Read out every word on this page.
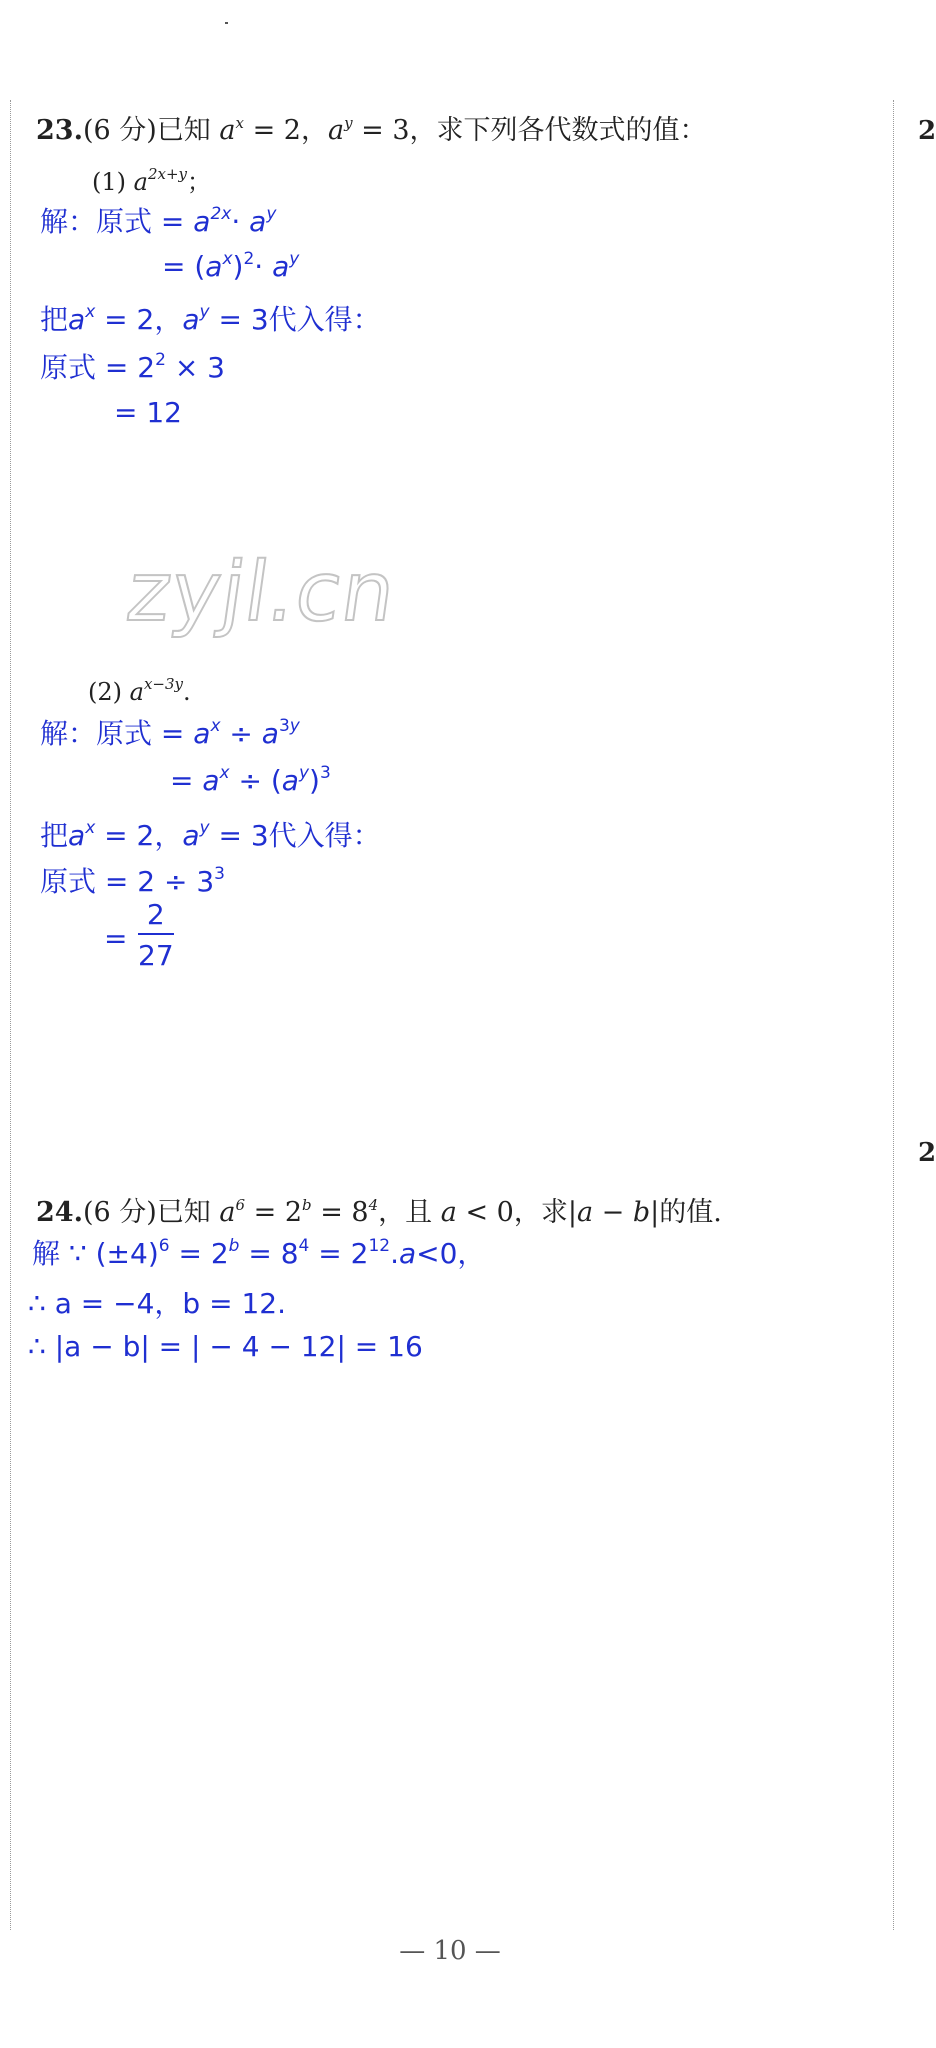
2
2
23.(6 分)已知 $a^x = 2$，$a^y = 3$，求下列各代数式的值：
(1) $a^{2x+y}$；
解：原式 = $a^{2x}\cdot a^y$
= $(a^x)^2\cdot a^y$
把$a^x = 2$，$a^y = 3$代入得：
原式 = $2^2 \times 3$
= 12
zyjl.cn
(2) $a^{x-3y}$.
解：原式 = $a^x \div a^{3y}$
= $a^x \div (a^y)^3$
把$a^x = 2$，$a^y = 3$代入得：
原式 = $2 \div 3^3$
=
2
27
24.(6 分)已知 $a^6 = 2^b = 8^4$，且 a < 0，求|a − b|的值.
解 ∵ $(\pm 4)^6 = 2^b = 8^4 = 2^{12}.a<0$，
∴ a = −4，b = 12.
∴ |a − b| = | − 4 − 12| = 16
— 10 —
